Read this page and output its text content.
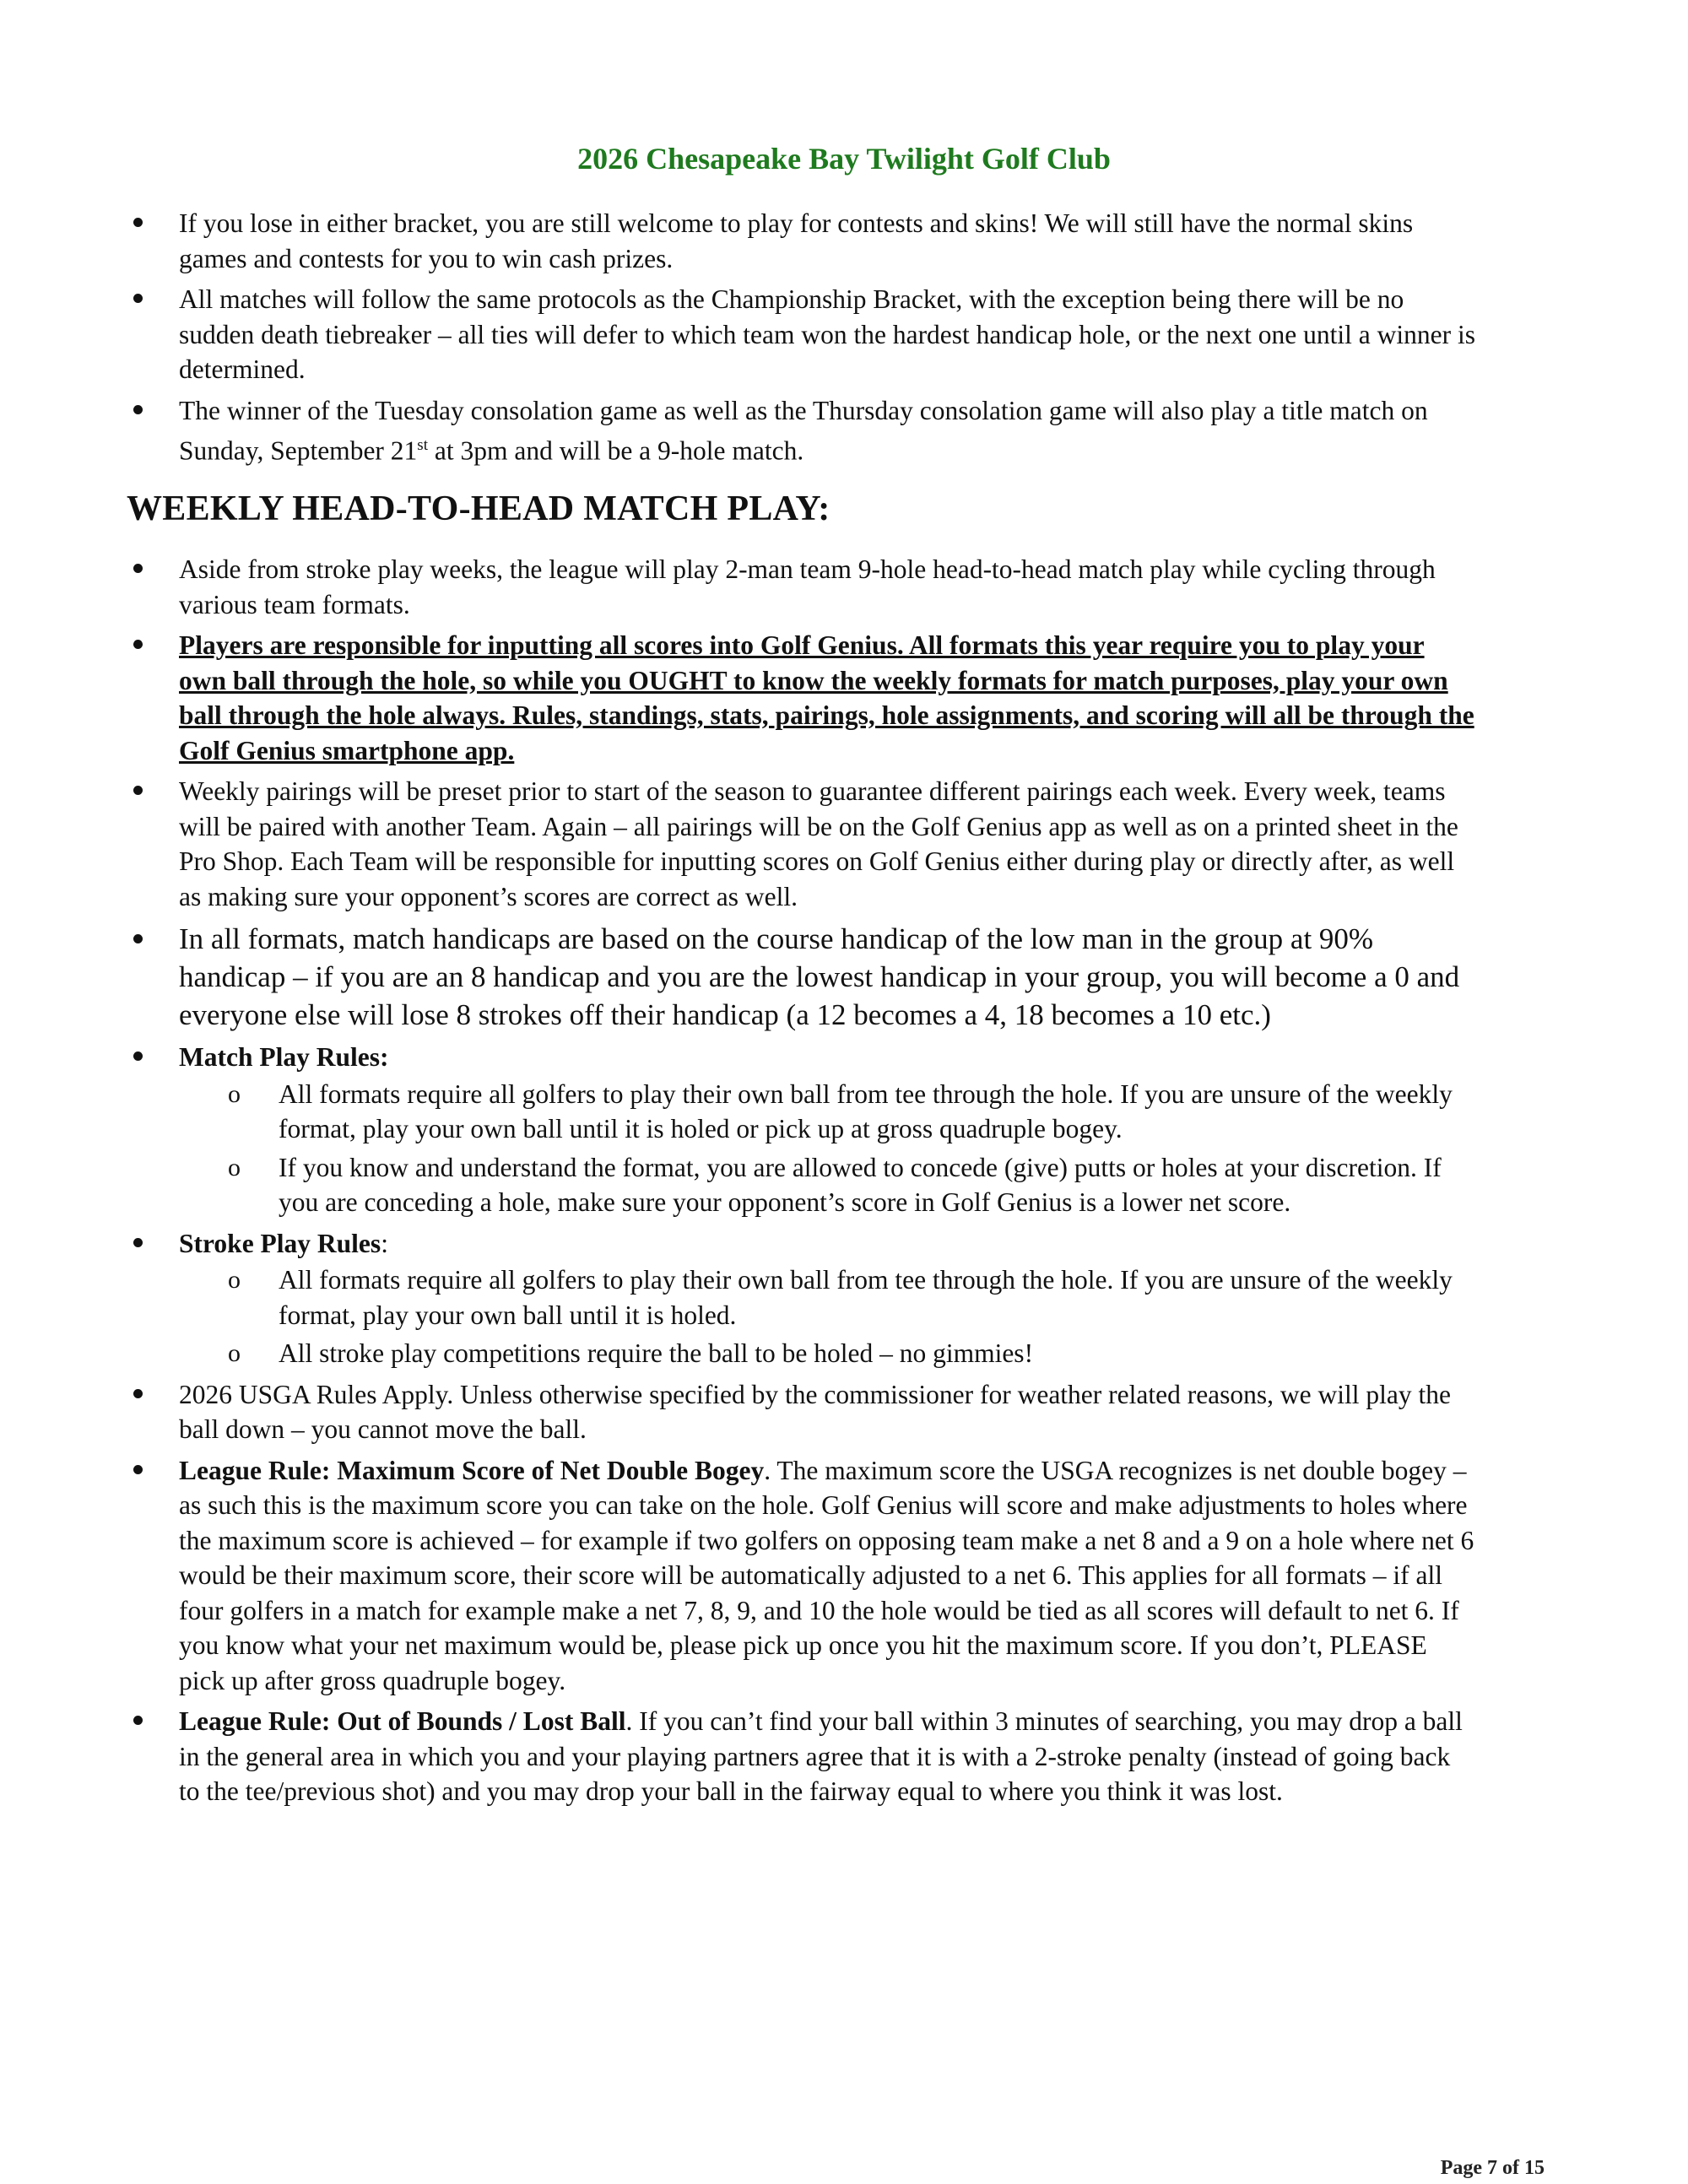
2026 Chesapeake Bay Twilight Golf Club
If you lose in either bracket, you are still welcome to play for contests and skins! We will still have the normal skins games and contests for you to win cash prizes.
All matches will follow the same protocols as the Championship Bracket, with the exception being there will be no sudden death tiebreaker – all ties will defer to which team won the hardest handicap hole, or the next one until a winner is determined.
The winner of the Tuesday consolation game as well as the Thursday consolation game will also play a title match on Sunday, September 21st at 3pm and will be a 9-hole match.
WEEKLY HEAD-TO-HEAD MATCH PLAY:
Aside from stroke play weeks, the league will play 2-man team 9-hole head-to-head match play while cycling through various team formats.
Players are responsible for inputting all scores into Golf Genius. All formats this year require you to play your own ball through the hole, so while you OUGHT to know the weekly formats for match purposes, play your own ball through the hole always. Rules, standings, stats, pairings, hole assignments, and scoring will all be through the Golf Genius smartphone app.
Weekly pairings will be preset prior to start of the season to guarantee different pairings each week. Every week, teams will be paired with another Team. Again – all pairings will be on the Golf Genius app as well as on a printed sheet in the Pro Shop. Each Team will be responsible for inputting scores on Golf Genius either during play or directly after, as well as making sure your opponent’s scores are correct as well.
In all formats, match handicaps are based on the course handicap of the low man in the group at 90% handicap – if you are an 8 handicap and you are the lowest handicap in your group, you will become a 0 and everyone else will lose 8 strokes off their handicap (a 12 becomes a 4, 18 becomes a 10 etc.)
Match Play Rules:
o All formats require all golfers to play their own ball from tee through the hole. If you are unsure of the weekly format, play your own ball until it is holed or pick up at gross quadruple bogey.
o If you know and understand the format, you are allowed to concede (give) putts or holes at your discretion. If you are conceding a hole, make sure your opponent’s score in Golf Genius is a lower net score.
Stroke Play Rules:
o All formats require all golfers to play their own ball from tee through the hole. If you are unsure of the weekly format, play your own ball until it is holed.
o All stroke play competitions require the ball to be holed – no gimmies!
2026 USGA Rules Apply. Unless otherwise specified by the commissioner for weather related reasons, we will play the ball down – you cannot move the ball.
League Rule: Maximum Score of Net Double Bogey. The maximum score the USGA recognizes is net double bogey – as such this is the maximum score you can take on the hole. Golf Genius will score and make adjustments to holes where the maximum score is achieved – for example if two golfers on opposing team make a net 8 and a 9 on a hole where net 6 would be their maximum score, their score will be automatically adjusted to a net 6. This applies for all formats – if all four golfers in a match for example make a net 7, 8, 9, and 10 the hole would be tied as all scores will default to net 6. If you know what your net maximum would be, please pick up once you hit the maximum score. If you don’t, PLEASE pick up after gross quadruple bogey.
League Rule: Out of Bounds / Lost Ball. If you can’t find your ball within 3 minutes of searching, you may drop a ball in the general area in which you and your playing partners agree that it is with a 2-stroke penalty (instead of going back to the tee/previous shot) and you may drop your ball in the fairway equal to where you think it was lost.
Page 7 of 15
